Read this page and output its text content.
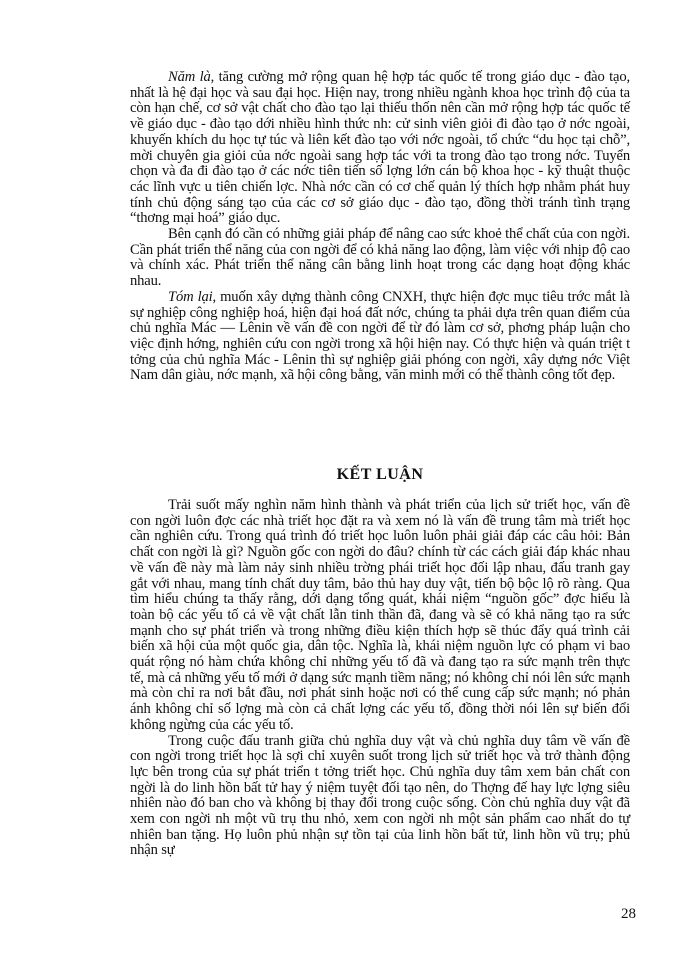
Năm là, tăng cường mở rộng quan hệ hợp tác quốc tế trong giáo dục - đào tạo, nhất là hệ đại học và sau đại học. Hiện nay, trong nhiều ngành khoa học trình độ của ta còn hạn chế, cơ sở vật chất cho đào tạo lại thiếu thốn nên cần mở rộng hợp tác quốc tế về giáo dục - đào tạo dới nhiều hình thức nh: cử sinh viên giỏi đi đào tạo ở nớc ngoài, khuyến khích du học tự túc và liên kết đào tạo với nớc ngoài, tổ chức “du học tại chỗ”, mời chuyên gia giỏi của nớc ngoài sang hợp tác với ta trong đào tạo trong nớc. Tuyển chọn và đa đi đào tạo ở các nớc tiên tiến số lợng lớn cán bộ khoa học - kỹ thuật thuộc các lĩnh vực u tiên chiến lợc. Nhà nớc cần có cơ chế quản lý thích hợp nhằm phát huy tính chủ động sáng tạo của các cơ sở giáo dục - đào tạo, đồng thời tránh tình trạng “thơng mại hoá” giáo dục.

Bên cạnh đó cần có những giải pháp để nâng cao sức khoẻ thể chất của con ngời. Cần phát triển thể năng của con ngời để có khả năng lao động, làm việc với nhịp độ cao và chính xác. Phát triển thể năng cân bằng linh hoạt trong các dạng hoạt động khác nhau.

Tóm lại, muốn xây dựng thành công CNXH, thực hiện đợc mục tiêu trớc mắt là sự nghiệp công nghiệp hoá, hiện đại hoá đất nớc, chúng ta phải dựa trên quan điểm của chủ nghĩa Mác — Lênin về vấn đề con ngời để từ đó làm cơ sở, phơng pháp luận cho việc định hớng, nghiên cứu con ngời trong xã hội hiện nay. Có thực hiện và quán triệt t tởng của chủ nghĩa Mác - Lênin thì sự nghiệp giải phóng con ngời, xây dựng nớc Việt Nam dân giàu, nớc mạnh, xã hội công bằng, văn minh mới có thể thành công tốt đẹp.

KẾT LUẬN

Trải suốt mấy nghìn năm hình thành và phát triển của lịch sử triết học, vấn đề con ngời luôn đợc các nhà triết học đặt ra và xem nó là vấn đề trung tâm mà triết học cần nghiên cứu. Trong quá trình đó triết học luôn luôn phải giải đáp các câu hỏi: Bản chất con ngời là gì? Nguồn gốc con ngời do đâu? chính từ các cách giải đáp khác nhau về vấn đề này mà làm nảy sinh nhiều trờng phái triết học đối lập nhau, đấu tranh gay gắt với nhau, mang tính chất duy tâm, bảo thủ hay duy vật, tiến bộ bộc lộ rõ ràng. Qua tìm hiểu chúng ta thấy rằng, dới dạng tổng quát, khái niệm “nguồn gốc” đợc hiểu là toàn bộ các yếu tố cả về vật chất lẫn tinh thần đã, đang và sẽ có khả năng tạo ra sức mạnh cho sự phát triển và trong những điều kiện thích hợp sẽ thúc đẩy quá trình cải biến xã hội của một quốc gia, dân tộc. Nghĩa là, khái niệm nguồn lực có phạm vi bao quát rộng nó hàm chứa không chỉ những yếu tố đã và đang tạo ra sức mạnh trên thực tế, mà cả những yếu tố mới ở dạng sức mạnh tiềm năng; nó không chỉ nói lên sức mạnh mà còn chỉ ra nơi bắt đầu, nơi phát sinh hoặc nơi có thể cung cấp sức mạnh; nó phản ánh không chỉ số lợng mà còn cả chất lợng các yếu tố, đồng thời nói lên sự biến đổi không ngừng của các yếu tố.

Trong cuộc đấu tranh giữa chủ nghĩa duy vật và chủ nghĩa duy tâm về vấn đề con ngời trong triết học là sợi chỉ xuyên suốt trong lịch sử triết học và trở thành động lực bên trong của sự phát triển t tởng triết học. Chủ nghĩa duy tâm xem bản chất con ngời là do linh hồn bất tử hay ý niệm tuyệt đối tạo nên, do Thợng đế hay lực lợng siêu nhiên nào đó ban cho và không bị thay đổi trong cuộc sống. Còn chủ nghĩa duy vật đã xem con ngời nh một vũ trụ thu nhỏ, xem con ngời nh một sản phẩm cao nhất do tự nhiên ban tặng. Họ luôn phủ nhận sự tồn tại của linh hồn bất tử, linh hồn vũ trụ; phủ nhận sự

28
